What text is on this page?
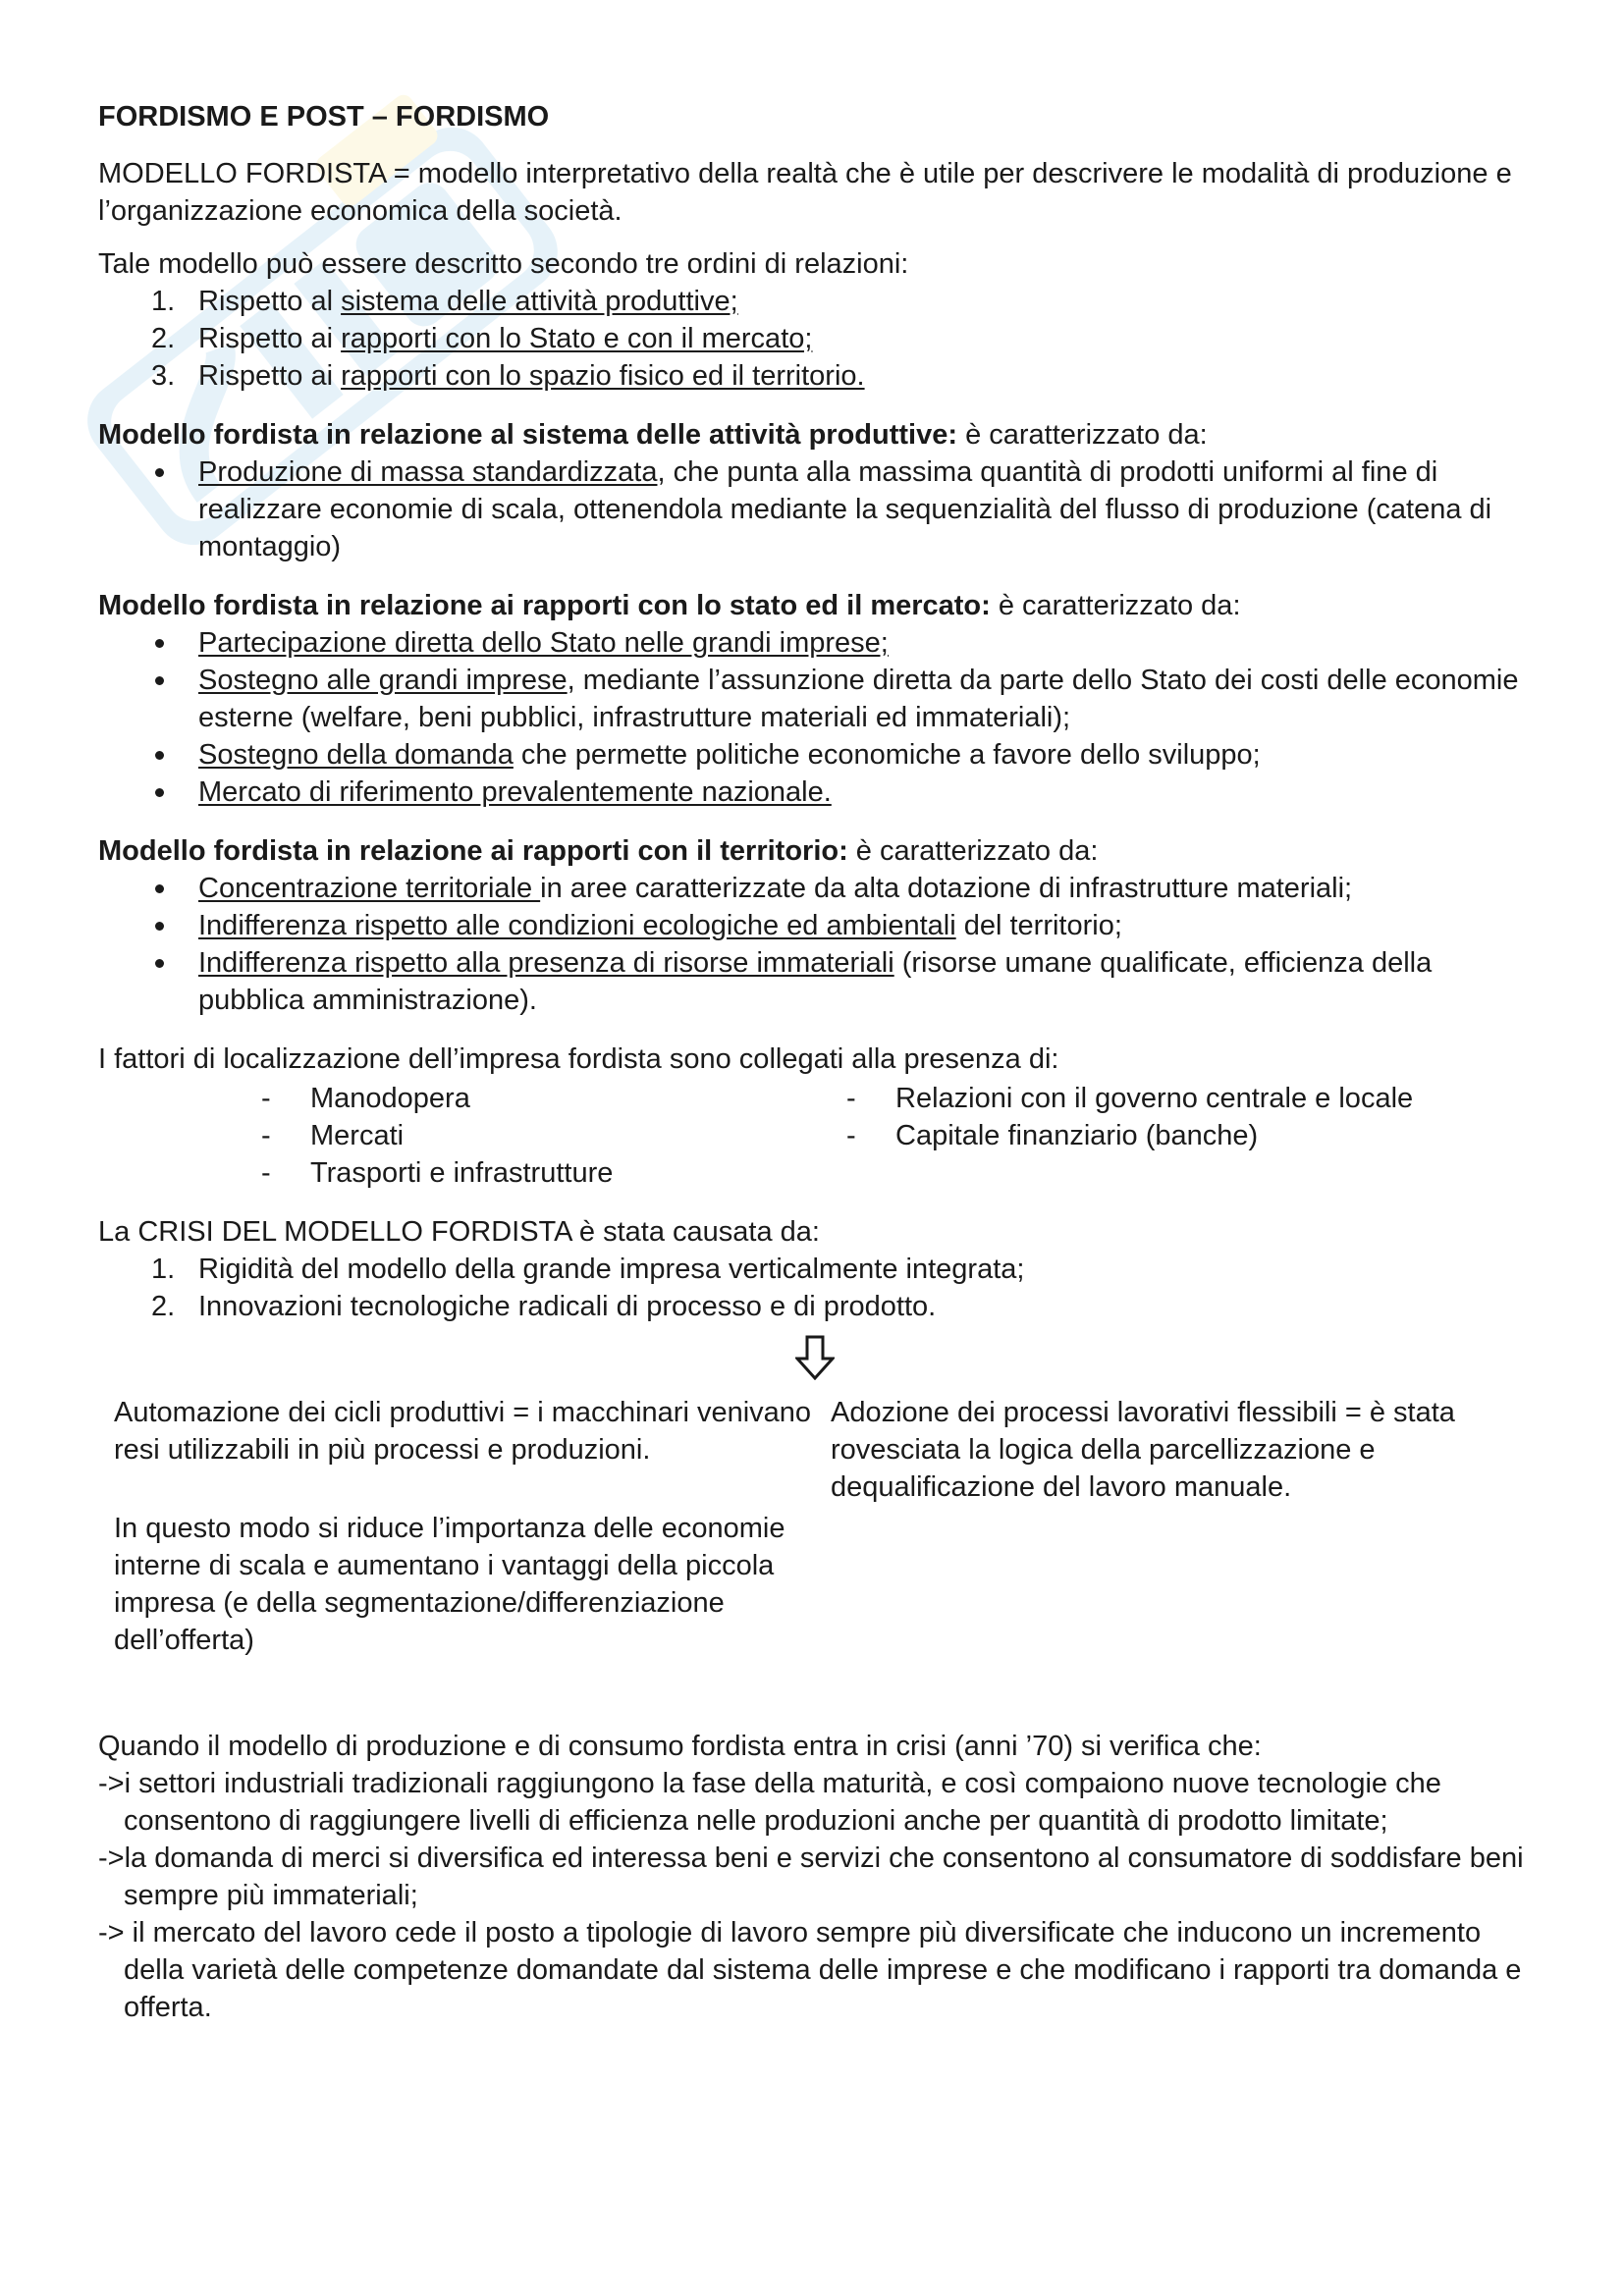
FORDISMO E POST – FORDISMO

MODELLO FORDISTA = modello interpretativo della realtà che è utile per descrivere le modalità di produzione e l’organizzazione economica della società.

Tale modello può essere descritto secondo tre ordini di relazioni:

1. Rispetto al sistema delle attività produttive;
2. Rispetto ai rapporti con lo Stato e con il mercato;
3. Rispetto ai rapporti con lo spazio fisico ed il territorio.

Modello fordista in relazione al sistema delle attività produttive: è caratterizzato da:

Produzione di massa standardizzata, che punta alla massima quantità di prodotti uniformi al fine di realizzare economie di scala, ottenendola mediante la sequenzialità del flusso di produzione (catena di montaggio)

Modello fordista in relazione ai rapporti con lo stato ed il mercato: è caratterizzato da:

Partecipazione diretta dello Stato nelle grandi imprese;
Sostegno alle grandi imprese, mediante l’assunzione diretta da parte dello Stato dei costi delle economie esterne (welfare, beni pubblici, infrastrutture materiali ed immateriali);
Sostegno della domanda che permette politiche economiche a favore dello sviluppo;
Mercato di riferimento prevalentemente nazionale.

Modello fordista in relazione ai rapporti con il territorio: è caratterizzato da:

Concentrazione territoriale in aree caratterizzate da alta dotazione di infrastrutture materiali;
Indifferenza rispetto alle condizioni ecologiche ed ambientali del territorio;
Indifferenza rispetto alla presenza di risorse immateriali (risorse umane qualificate, efficienza della pubblica amministrazione).

I fattori di localizzazione dell’impresa fordista sono collegati alla presenza di:

- Manodopera
- Mercati
- Trasporti e infrastrutture
- Relazioni con il governo centrale e locale
- Capitale finanziario (banche)

La CRISI DEL MODELLO FORDISTA è stata causata da:

1. Rigidità del modello della grande impresa verticalmente integrata;
2. Innovazioni tecnologiche radicali di processo e di prodotto.

Automazione dei cicli produttivi = i macchinari venivano resi utilizzabili in più processi e produzioni.

In questo modo si riduce l’importanza delle economie interne di scala e aumentano i vantaggi della piccola impresa (e della segmentazione/differenziazione dell’offerta)

Adozione dei processi lavorativi flessibili = è stata rovesciata la logica della parcellizzazione e dequalificazione del lavoro manuale.

Quando il modello di produzione e di consumo fordista entra in crisi (anni ’70) si verifica che:

->i settori industriali tradizionali raggiungono la fase della maturità, e così compaiono nuove tecnologie che consentono di raggiungere livelli di efficienza nelle produzioni anche per quantità di prodotto limitate;

->la domanda di merci si diversifica ed interessa beni e servizi che consentono al consumatore di soddisfare beni sempre più immateriali;

-> il mercato del lavoro cede il posto a tipologie di lavoro sempre più diversificate che inducono un incremento della varietà delle competenze domandate dal sistema delle imprese e che modificano i rapporti tra domanda e offerta.
